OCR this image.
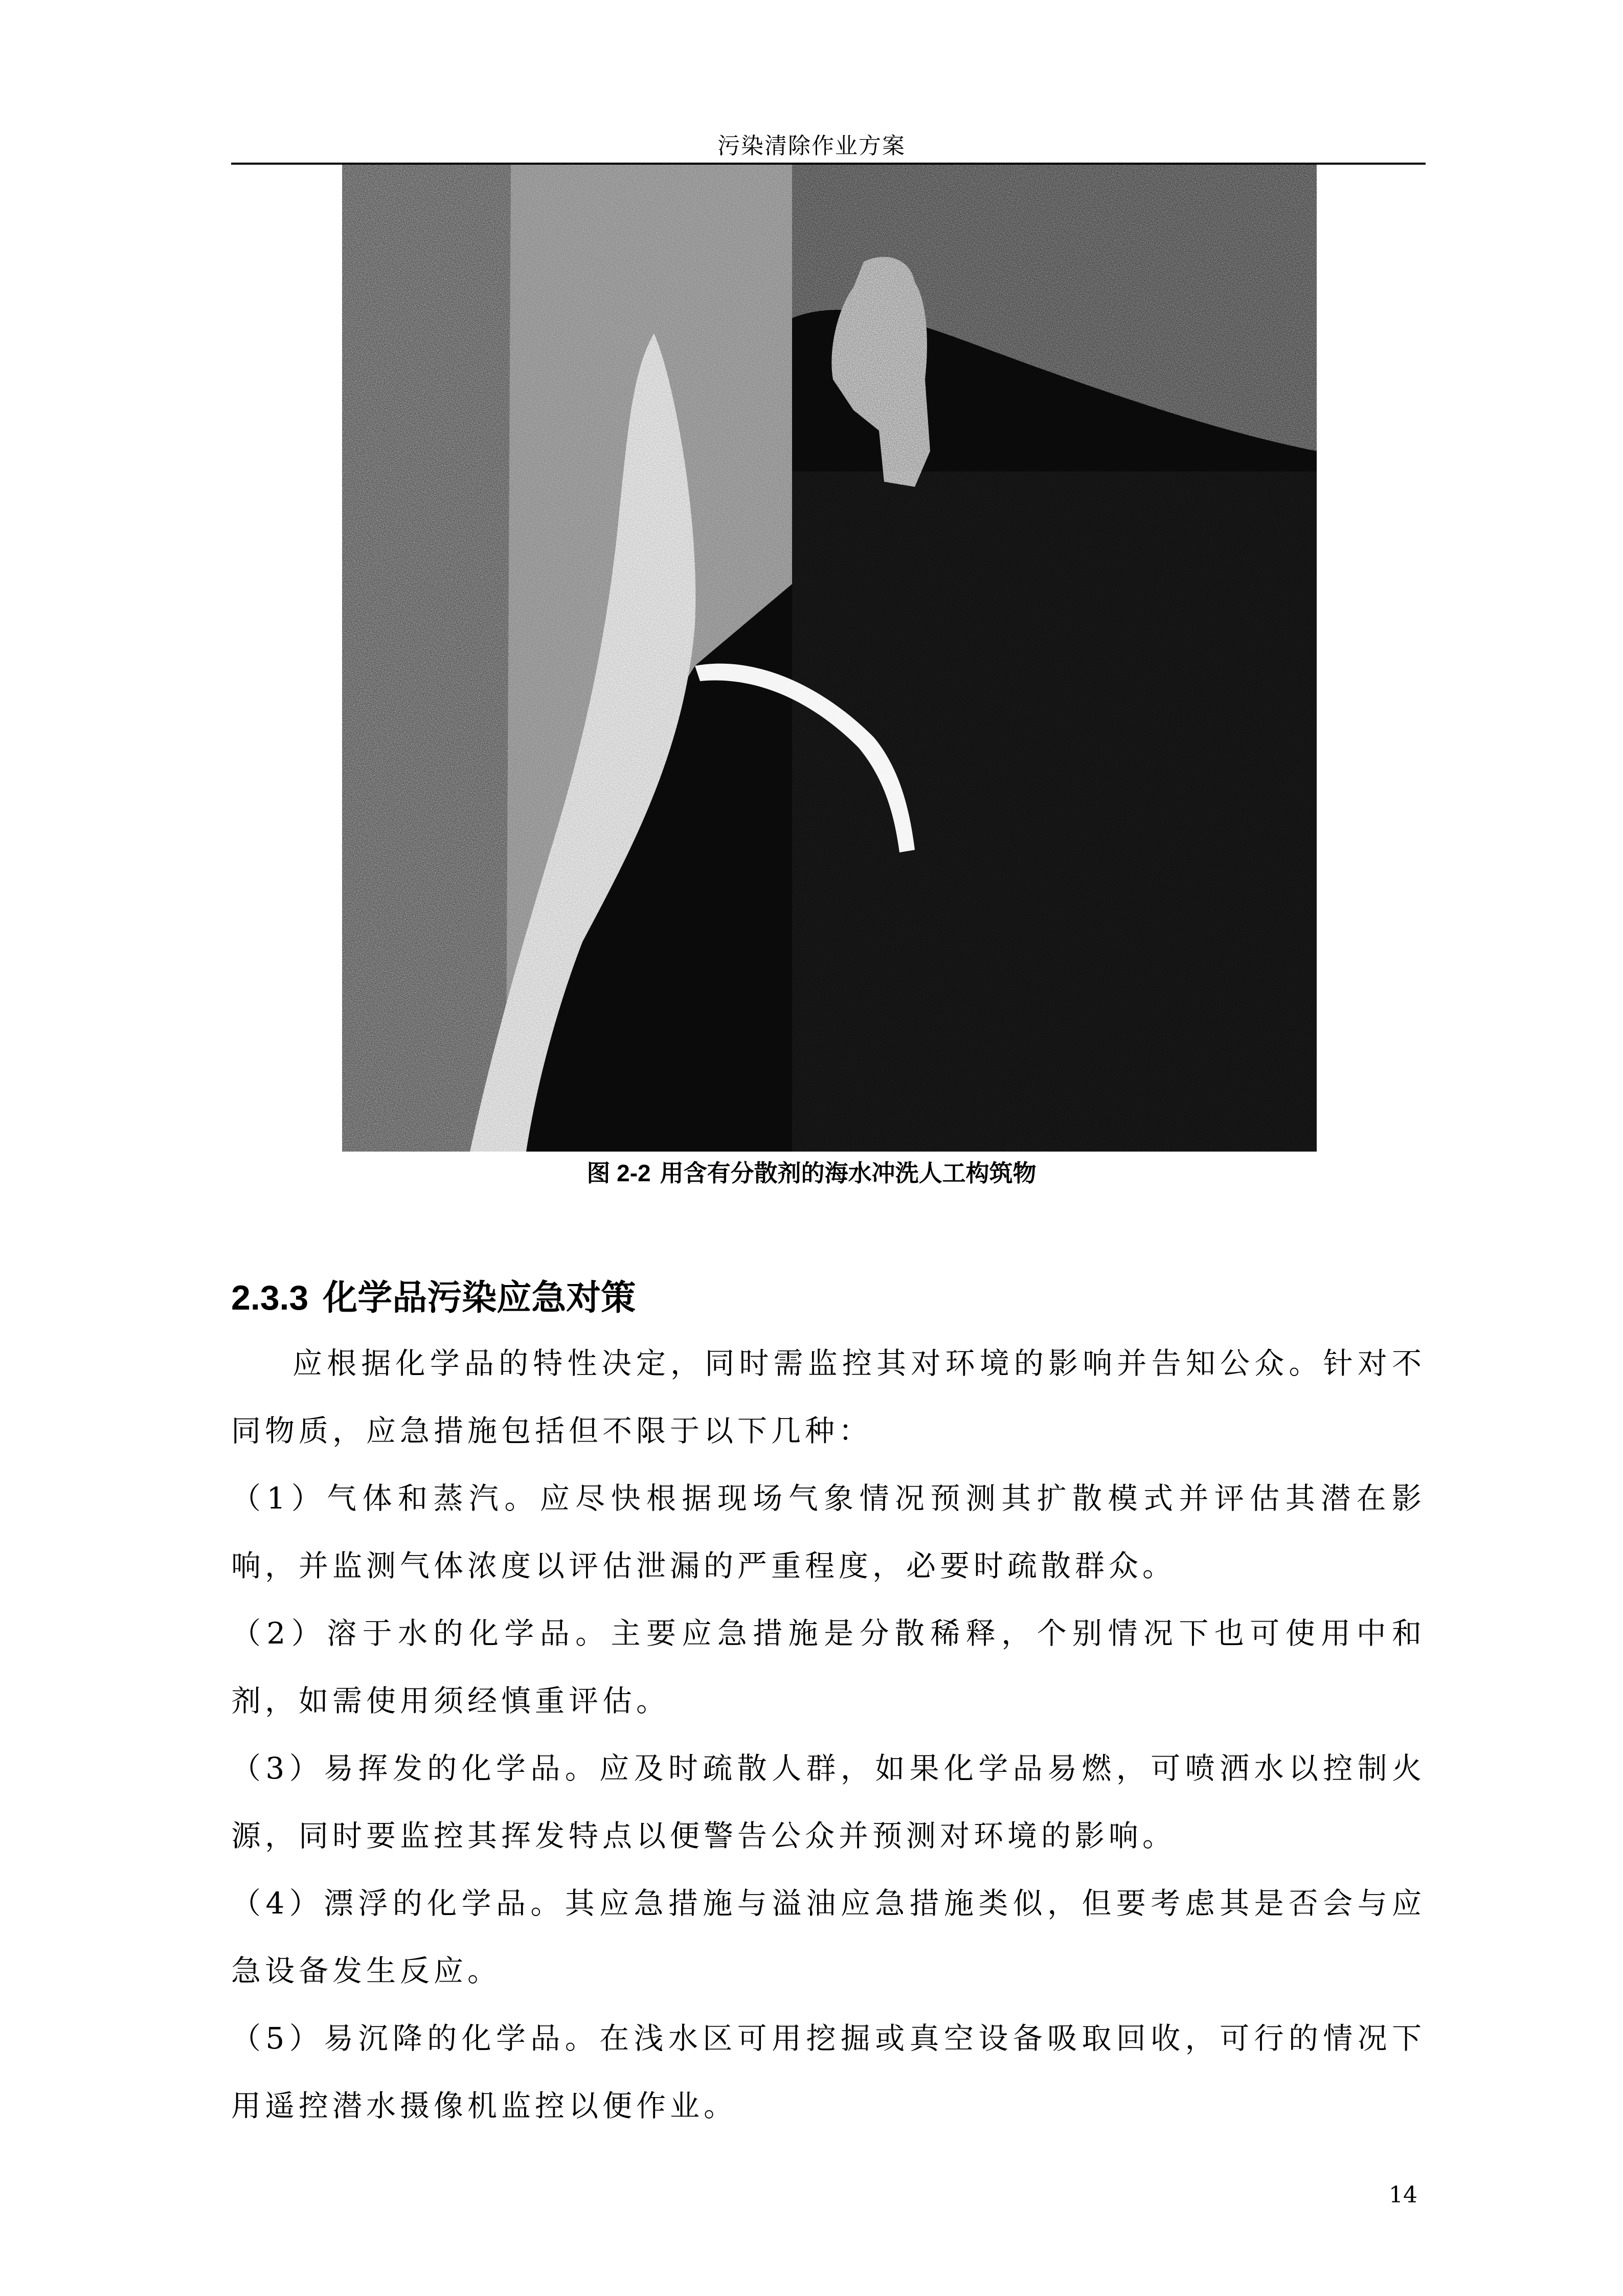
污染清除作业方案
图 2-2 用含有分散剂的海水冲洗人工构筑物
2.3.3 化学品污染应急对策

应根据化学品的特性决定，同时需监控其对环境的影响并告知公众。针对不同物质，应急措施包括但不限于以下几种：

（1）气体和蒸汽。应尽快根据现场气象情况预测其扩散模式并评估其潜在影响，并监测气体浓度以评估泄漏的严重程度，必要时疏散群众。

（2）溶于水的化学品。主要应急措施是分散稀释，个别情况下也可使用中和剂，如需使用须经慎重评估。

（3）易挥发的化学品。应及时疏散人群，如果化学品易燃，可喷洒水以控制火源，同时要监控其挥发特点以便警告公众并预测对环境的影响。

（4）漂浮的化学品。其应急措施与溢油应急措施类似，但要考虑其是否会与应急设备发生反应。

（5）易沉降的化学品。在浅水区可用挖掘或真空设备吸取回收，可行的情况下用遥控潜水摄像机监控以便作业。

14
